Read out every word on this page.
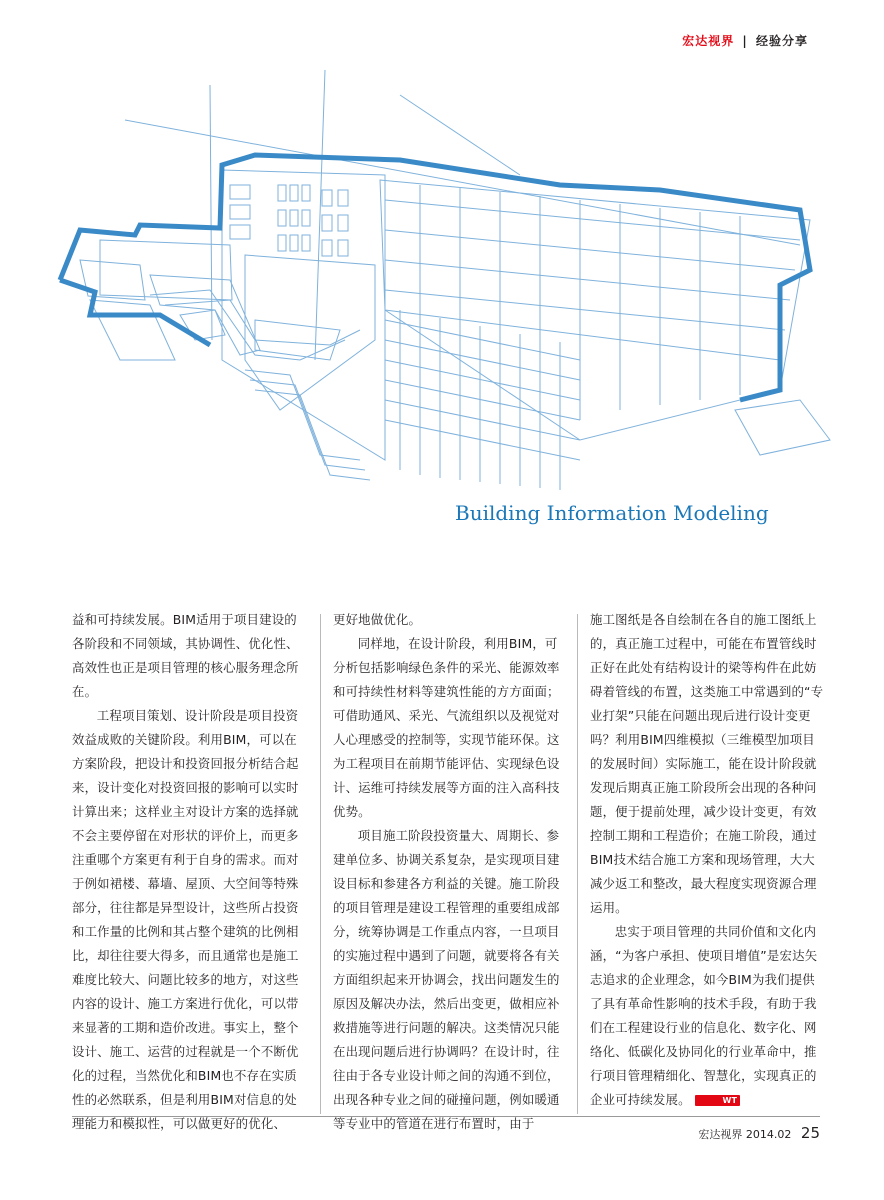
宏达视界 | 经验分享
Building Information Modeling

益和可持续发展。BIM适用于项目建设的各阶段和不同领域，其协调性、优化性、高效性也正是项目管理的核心服务理念所在。

工程项目策划、设计阶段是项目投资效益成败的关键阶段。利用BIM，可以在方案阶段，把设计和投资回报分析结合起来，设计变化对投资回报的影响可以实时计算出来；这样业主对设计方案的选择就不会主要停留在对形状的评价上，而更多注重哪个方案更有利于自身的需求。而对于例如裙楼、幕墙、屋顶、大空间等特殊部分，往往都是异型设计，这些所占投资和工作量的比例和其占整个建筑的比例相比，却往往要大得多，而且通常也是施工难度比较大、问题比较多的地方，对这些内容的设计、施工方案进行优化，可以带来显著的工期和造价改进。事实上，整个设计、施工、运营的过程就是一个不断优化的过程，当然优化和BIM也不存在实质性的必然联系，但是利用BIM对信息的处理能力和模拟性，可以做更好的优化、

更好地做优化。

同样地，在设计阶段，利用BIM，可分析包括影响绿色条件的采光、能源效率和可持续性材料等建筑性能的方方面面；可借助通风、采光、气流组织以及视觉对人心理感受的控制等，实现节能环保。这为工程项目在前期节能评估、实现绿色设计、运维可持续发展等方面的注入高科技优势。

项目施工阶段投资量大、周期长、参建单位多、协调关系复杂，是实现项目建设目标和参建各方利益的关键。施工阶段的项目管理是建设工程管理的重要组成部分，统筹协调是工作重点内容，一旦项目的实施过程中遇到了问题，就要将各有关方面组织起来开协调会，找出问题发生的原因及解决办法，然后出变更，做相应补救措施等进行问题的解决。这类情况只能在出现问题后进行协调吗？在设计时，往往由于各专业设计师之间的沟通不到位，出现各种专业之间的碰撞问题，例如暖通等专业中的管道在进行布置时，由于

施工图纸是各自绘制在各自的施工图纸上的，真正施工过程中，可能在布置管线时正好在此处有结构设计的梁等构件在此妨碍着管线的布置，这类施工中常遇到的“专业打架”只能在问题出现后进行设计变更吗？利用BIM四维模拟（三维模型加项目的发展时间）实际施工，能在设计阶段就发现后期真正施工阶段所会出现的各种问题，便于提前处理，减少设计变更，有效控制工期和工程造价；在施工阶段，通过BIM技术结合施工方案和现场管理，大大减少返工和整改，最大程度实现资源合理运用。

忠实于项目管理的共同价值和文化内涵，“为客户承担、使项目增值”是宏达矢志追求的企业理念，如今BIM为我们提供了具有革命性影响的技术手段，有助于我们在工程建设行业的信息化、数字化、网络化、低碳化及协同化的行业革命中，推行项目管理精细化、智慧化，实现真正的企业可持续发展。	WT

宏达视界 2014.02 25
